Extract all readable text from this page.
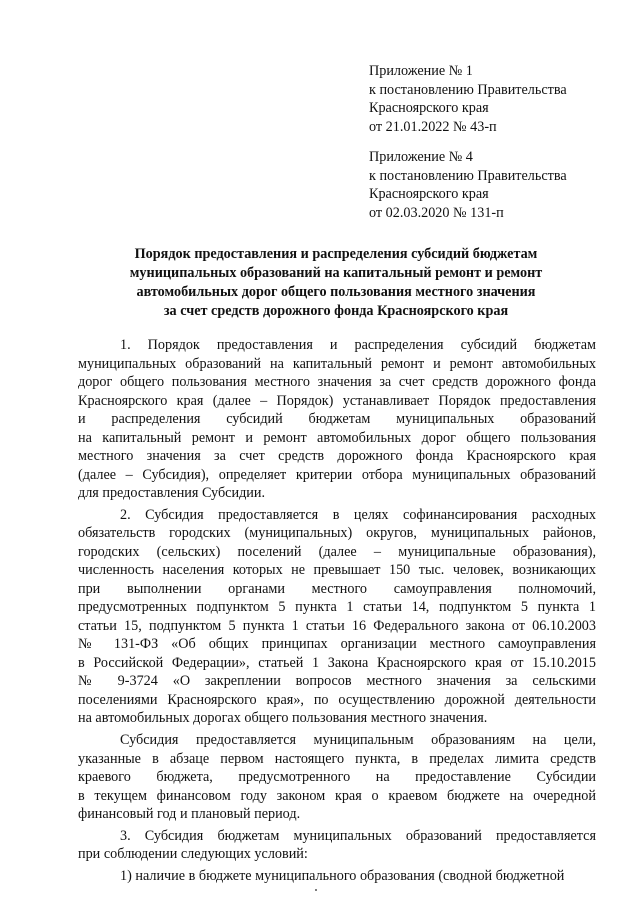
Приложение № 1
к постановлению Правительства
Красноярского края
от 21.01.2022 № 43-п
Приложение № 4
к постановлению Правительства
Красноярского края
от 02.03.2020 № 131-п
Порядок предоставления и распределения субсидий бюджетам
муниципальных образований на капитальный ремонт и ремонт
автомобильных дорог общего пользования местного значения
за счет средств дорожного фонда Красноярского края
1. Порядок предоставления и распределения субсидий бюджетам
муниципальных образований на капитальный ремонт и ремонт автомобильных
дорог общего пользования местного значения за счет средств дорожного фонда
Красноярского края (далее – Порядок) устанавливает Порядок предоставления
и распределения субсидий бюджетам муниципальных образований
на капитальный ремонт и ремонт автомобильных дорог общего пользования
местного значения за счет средств дорожного фонда Красноярского края
(далее – Субсидия), определяет критерии отбора муниципальных образований
для предоставления Субсидии.
2. Субсидия предоставляется в целях софинансирования расходных
обязательств городских (муниципальных) округов, муниципальных районов,
городских (сельских) поселений (далее – муниципальные образования),
численность населения которых не превышает 150 тыс. человек, возникающих
при выполнении органами местного самоуправления полномочий,
предусмотренных подпунктом 5 пункта 1 статьи 14, подпунктом 5 пункта 1
статьи 15, подпунктом 5 пункта 1 статьи 16 Федерального закона от 06.10.2003
№ 131-ФЗ «Об общих принципах организации местного самоуправления
в Российской Федерации», статьей 1 Закона Красноярского края от 15.10.2015
№ 9-3724 «О закреплении вопросов местного значения за сельскими
поселениями Красноярского края», по осуществлению дорожной деятельности
на автомобильных дорогах общего пользования местного значения.
Субсидия предоставляется муниципальным образованиям на цели,
указанные в абзаце первом настоящего пункта, в пределах лимита средств
краевого бюджета, предусмотренного на предоставление Субсидии
в текущем финансовом году законом края о краевом бюджете на очередной
финансовый год и плановый период.
3. Субсидия бюджетам муниципальных образований предоставляется
при соблюдении следующих условий:
1) наличие в бюджете муниципального образования (сводной бюджетной
